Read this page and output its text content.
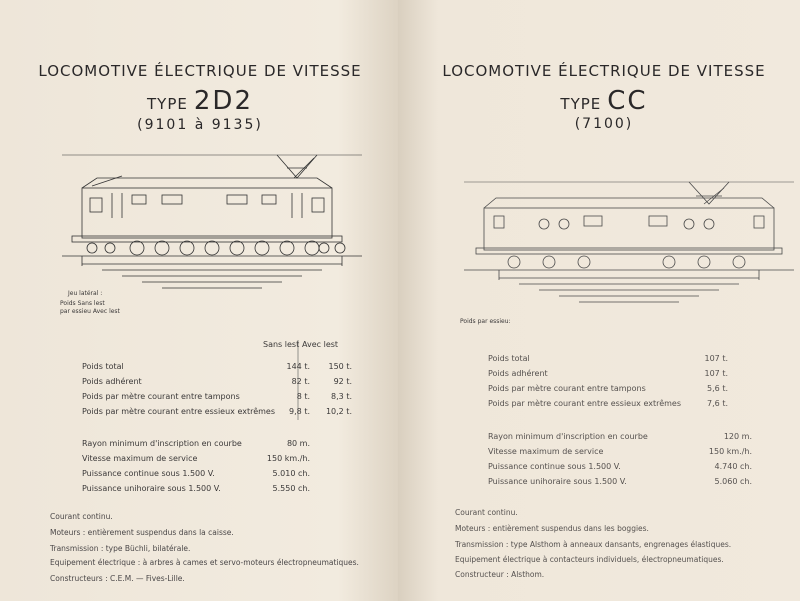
LOCOMOTIVE ÉLECTRIQUE DE VITESSE
TYPE 2D2
(9101 à 9135)
Jeu latéral :
Poids Sans lest
par essieu Avec lest
Sans lest Avec lest
Poids total	144 t.	150 t.
Poids adhérent	82 t.	92 t.
Poids par mètre courant entre tampons	8 t.	8,3 t.
Poids par mètre courant entre essieux extrêmes	9,8 t.	10,2 t.
Rayon minimum d'inscription en courbe	80 m.
Vitesse maximum de service	150 km./h.
Puissance continue sous 1.500 V.	5.010 ch.
Puissance unihoraire sous 1.500 V.	5.550 ch.
Courant continu.
Moteurs : entièrement suspendus dans la caisse.
Transmission : type Büchli, bilatérale.
Equipement électrique : à arbres à cames et servo-moteurs électropneumatiques.
Constructeurs : C.E.M. — Fives-Lille.
LOCOMOTIVE ÉLECTRIQUE DE VITESSE
TYPE CC
(7100)
Poids par essieu:
Poids total	107 t.
Poids adhérent	107 t.
Poids par mètre courant entre tampons	5,6 t.
Poids par mètre courant entre essieux extrêmes	7,6 t.
Rayon minimum d'inscription en courbe	120 m.
Vitesse maximum de service	150 km./h.
Puissance continue sous 1.500 V.	4.740 ch.
Puissance unihoraire sous 1.500 V.	5.060 ch.
Courant continu.
Moteurs : entièrement suspendus dans les boggies.
Transmission : type Alsthom à anneaux dansants, engrenages élastiques.
Equipement électrique à contacteurs individuels, électropneumatiques.
Constructeur : Alsthom.
